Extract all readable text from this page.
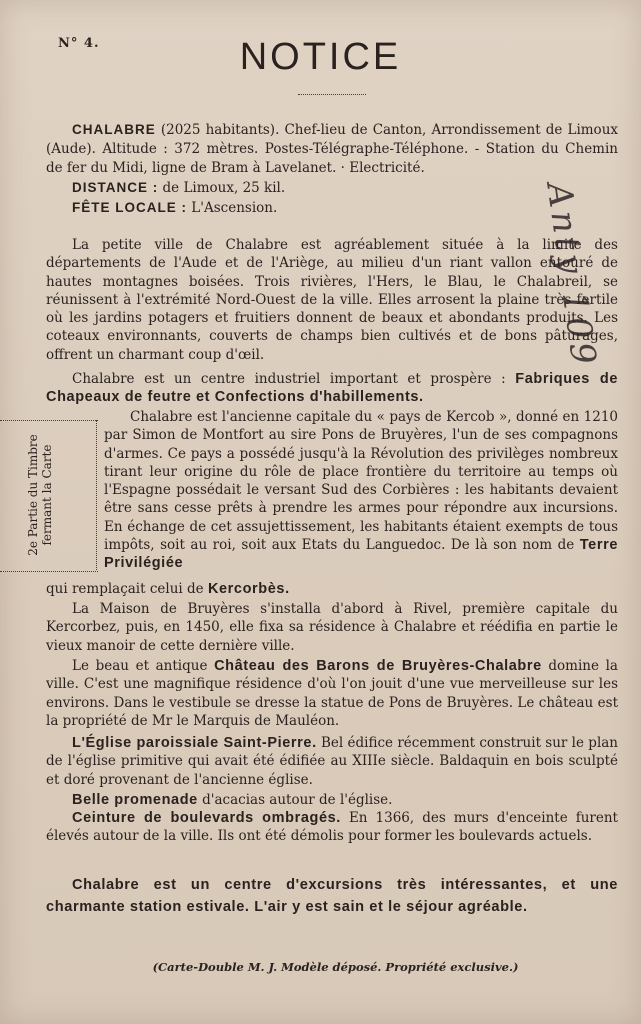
N° 4.	NOTICE
Anty 109
CHALABRE (2025 habitants). Chef-lieu de Canton, Arrondissement de Limoux (Aude). Altitude : 372 mètres. Postes-Télégraphe-Téléphone. - Station du Chemin de fer du Midi, ligne de Bram à Lavelanet. · Electricité.
DISTANCE : de Limoux, 25 kil.
FÊTE LOCALE : L'Ascension.
La petite ville de Chalabre est agréablement située à la limite des départements de l'Aude et de l'Ariège, au milieu d'un riant vallon entouré de hautes montagnes boisées. Trois rivières, l'Hers, le Blau, le Chalabreil, se réunissent à l'extrémité Nord-Ouest de la ville. Elles arrosent la plaine très fertile où les jardins potagers et fruitiers donnent de beaux et abondants produits. Les coteaux environnants, couverts de champs bien cultivés et de bons pâturages, offrent un charmant coup d'œil.
Chalabre est un centre industriel important et prospère : Fabriques de Chapeaux de feutre et Confections d'habillements.
2e Partie du Timbre
fermant la Carte
Chalabre est l'ancienne capitale du « pays de Kercob », donné en 1210 par Simon de Montfort au sire Pons de Bruyères, l'un de ses compagnons d'armes. Ce pays a possédé jusqu'à la Révolution des privilèges nombreux tirant leur origine du rôle de place frontière du territoire au temps où l'Espagne possédait le versant Sud des Corbières : les habitants devaient être sans cesse prêts à prendre les armes pour répondre aux incursions. En échange de cet assujettissement, les habitants étaient exempts de tous impôts, soit au roi, soit aux Etats du Languedoc. De là son nom de Terre Privilégiée
qui remplaçait celui de Kercorbès.
La Maison de Bruyères s'installa d'abord à Rivel, première capitale du Kercorbez, puis, en 1450, elle fixa sa résidence à Chalabre et réédifia en partie le vieux manoir de cette dernière ville.
Le beau et antique Château des Barons de Bruyères-Chalabre domine la ville. C'est une magnifique résidence d'où l'on jouit d'une vue merveilleuse sur les environs. Dans le vestibule se dresse la statue de Pons de Bruyères. Le château est la propriété de Mr le Marquis de Mauléon.
L'Église paroissiale Saint-Pierre. Bel édifice récemment construit sur le plan de l'église primitive qui avait été édifiée au XIIIe siècle. Baldaquin en bois sculpté et doré provenant de l'ancienne église.
Belle promenade d'acacias autour de l'église.
Ceinture de boulevards ombragés. En 1366, des murs d'enceinte furent élevés autour de la ville. Ils ont été démolis pour former les boulevards actuels.
Chalabre est un centre d'excursions très intéressantes, et une charmante station estivale. L'air y est sain et le séjour agréable.
(Carte-Double M. J. Modèle déposé. Propriété exclusive.)
